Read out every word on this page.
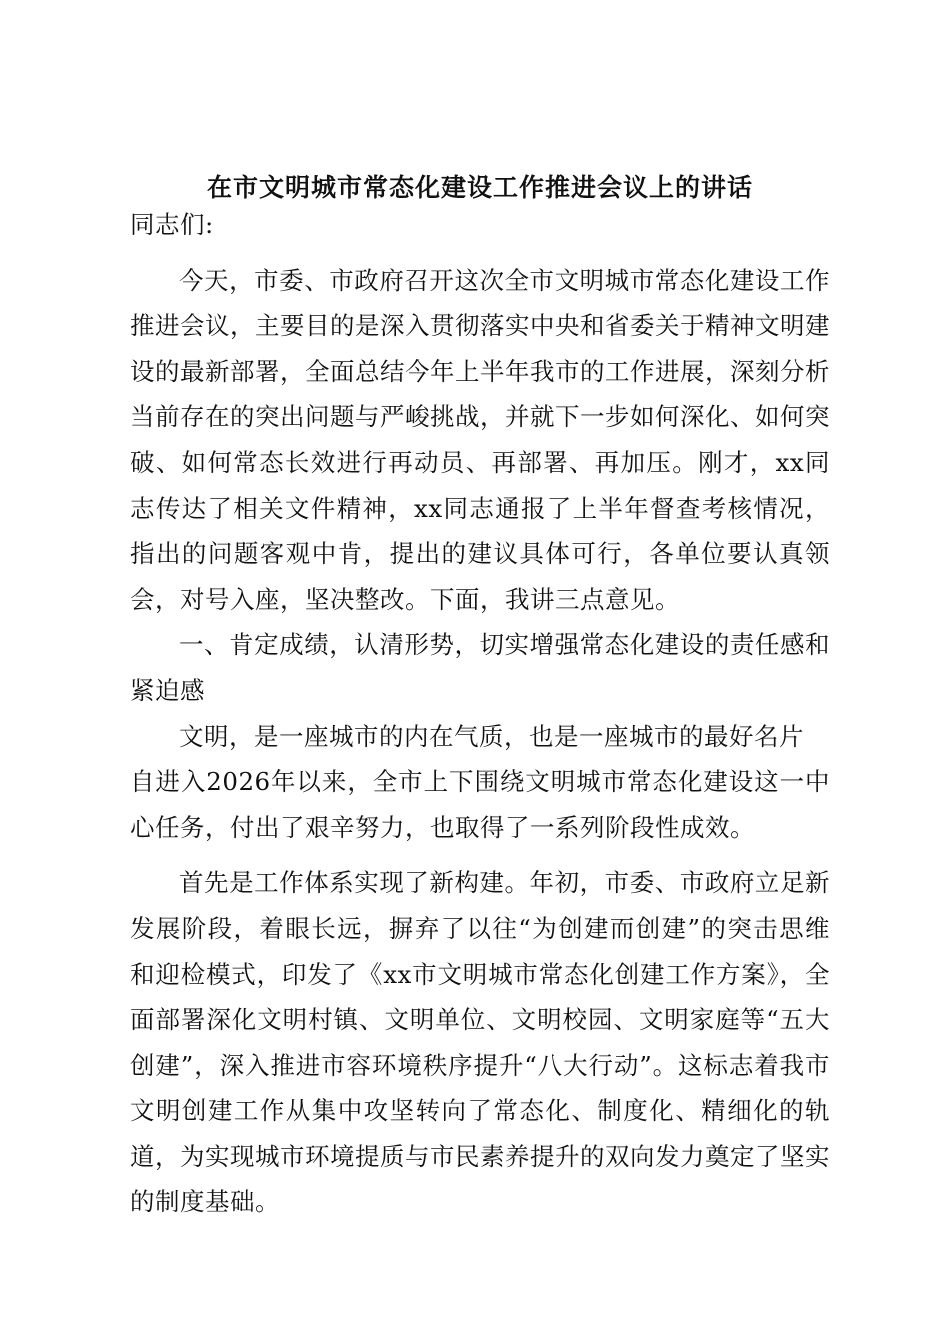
在市文明城市常态化建设工作推进会议上的讲话

同志们:

今天，市委、市政府召开这次全市文明城市常态化建设工作推进会议，主要目的是深入贯彻落实中央和省委关于精神文明建设的最新部署，全面总结今年上半年我市的工作进展，深刻分析当前存在的突出问题与严峻挑战，并就下一步如何深化、如何突破、如何常态长效进行再动员、再部署、再加压。刚才，xx同志传达了相关文件精神，xx同志通报了上半年督查考核情况，指出的问题客观中肯，提出的建议具体可行，各单位要认真领会，对号入座，坚决整改。下面，我讲三点意见。

一、肯定成绩，认清形势，切实增强常态化建设的责任感和紧迫感

文明，是一座城市的内在气质，也是一座城市的最好名片

自进入2026年以来，全市上下围绕文明城市常态化建设这一中心任务，付出了艰辛努力，也取得了一系列阶段性成效。

首先是工作体系实现了新构建。年初，市委、市政府立足新发展阶段，着眼长远，摒弃了以往“为创建而创建”的突击思维和迎检模式，印发了《xx市文明城市常态化创建工作方案》，全面部署深化文明村镇、文明单位、文明校园、文明家庭等“五大创建”，深入推进市容环境秩序提升“八大行动”。这标志着我市文明创建工作从集中攻坚转向了常态化、制度化、精细化的轨道，为实现城市环境提质与市民素养提升的双向发力奠定了坚实的制度基础。
